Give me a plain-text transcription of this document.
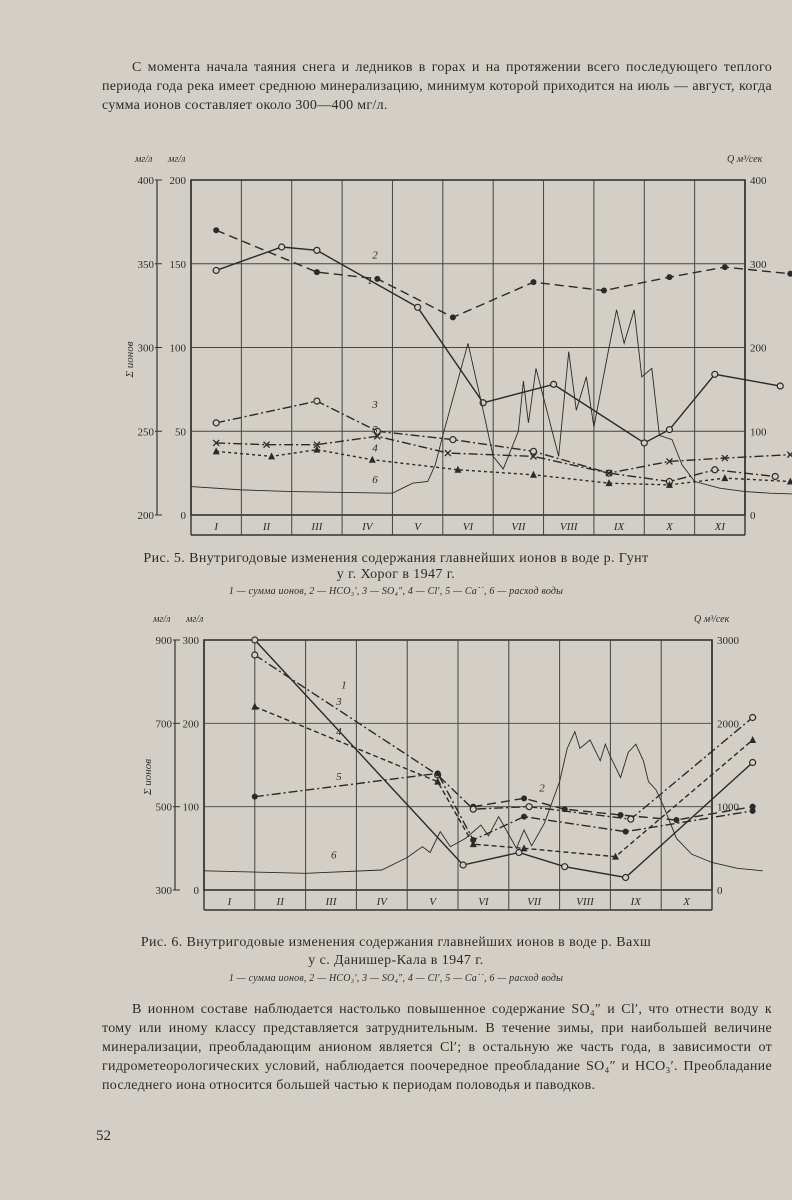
С момента начала таяния снега и ледников в горах и на протяжении всего последующего теплого периода года река имеет среднюю минерализацию, минимум которой приходится на июль — август, когда сумма ионов составляет около 300—400 мг/л.
I	II	III	IV	V	VI	VII	VIII	IX	X	XI
0
50
100
150
200
200
250
300
350
400
0
100
200
300
400
мг/л мг/л	Q м³/сек
Σ ионов
1
2
3
4
5
6
Рис. 5. Внутригодовые изменения содержания главнейших ионов в воде р. Гунт
у г. Хорог в 1947 г.
1 — сумма ионов, 2 — HCO₃′, 3 — SO₄″, 4 — Cl′, 5 — Ca˙˙, 6 — расход воды
I	II	III	IV	V	VI	VII	VIII	IX	X
0
100
200
300
300
500
700
900
0
1000
2000
3000
мг/л мг/л	Q м³/сек
Σ ионов
1
3
4
5
2
6
Рис. 6. Внутригодовые изменения содержания главнейших ионов в воде р. Вахш
у с. Данишер-Кала в 1947 г.
1 — сумма ионов, 2 — HCO₃′, 3 — SO₄″, 4 — Cl′, 5 — Ca˙˙, 6 — расход воды
В ионном составе наблюдается настолько повышенное содержание SO₄″ и Cl′, что отнести воду к тому или иному классу представляется затруднительным. В течение зимы, при наибольшей величине минерализации, преобладающим анионом является Cl′; в остальную же часть года, в зависимости от гидрометеорологических условий, наблюдается поочередное преобладание SO₄″ и HCO₃′. Преобладание последнего иона относится большей частью к периодам половодья и паводков.
52
